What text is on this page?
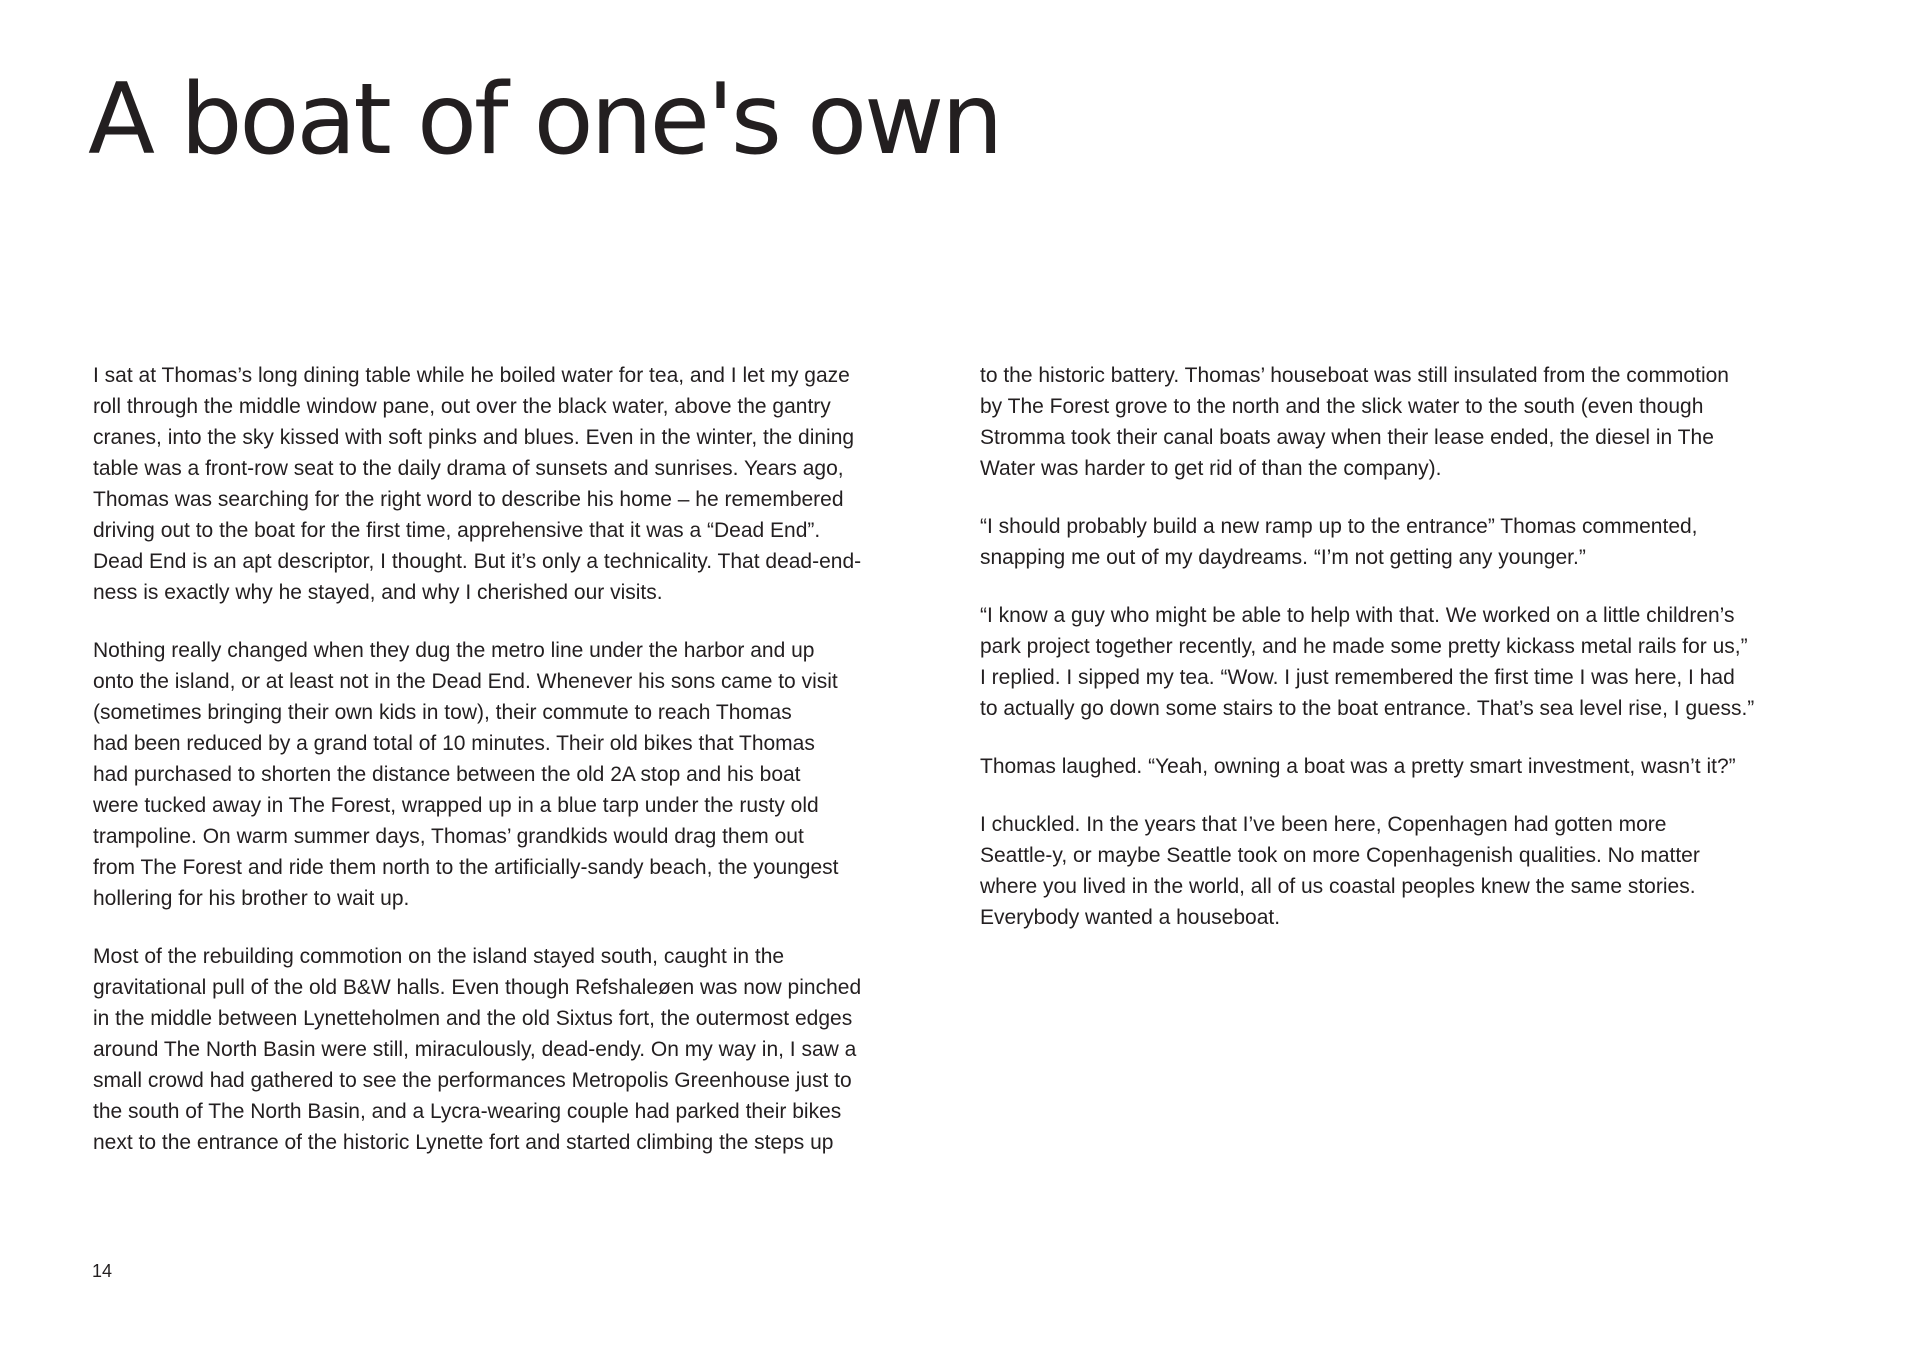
A boat of one's own

I sat at Thomas’s long dining table while he boiled water for tea, and I let my gaze
roll through the middle window pane, out over the black water, above the gantry
cranes, into the sky kissed with soft pinks and blues. Even in the winter, the dining
table was a front-row seat to the daily drama of sunsets and sunrises. Years ago,
Thomas was searching for the right word to describe his home – he remembered
driving out to the boat for the first time, apprehensive that it was a “Dead End”.
Dead End is an apt descriptor, I thought. But it’s only a technicality. That dead-end-
ness is exactly why he stayed, and why I cherished our visits.

Nothing really changed when they dug the metro line under the harbor and up
onto the island, or at least not in the Dead End. Whenever his sons came to visit
(sometimes bringing their own kids in tow), their commute to reach Thomas
had been reduced by a grand total of 10 minutes. Their old bikes that Thomas
had purchased to shorten the distance between the old 2A stop and his boat
were tucked away in The Forest, wrapped up in a blue tarp under the rusty old
trampoline. On warm summer days, Thomas’ grandkids would drag them out
from The Forest and ride them north to the artificially-sandy beach, the youngest
hollering for his brother to wait up.

Most of the rebuilding commotion on the island stayed south, caught in the
gravitational pull of the old B&W halls. Even though Refshaleøen was now pinched
in the middle between Lynetteholmen and the old Sixtus fort, the outermost edges
around The North Basin were still, miraculously, dead-endy. On my way in, I saw a
small crowd had gathered to see the performances Metropolis Greenhouse just to
the south of The North Basin, and a Lycra-wearing couple had parked their bikes
next to the entrance of the historic Lynette fort and started climbing the steps up

to the historic battery. Thomas’ houseboat was still insulated from the commotion
by The Forest grove to the north and the slick water to the south (even though
Stromma took their canal boats away when their lease ended, the diesel in The
Water was harder to get rid of than the company).

“I should probably build a new ramp up to the entrance” Thomas commented,
snapping me out of my daydreams. “I’m not getting any younger.”

“I know a guy who might be able to help with that. We worked on a little children’s
park project together recently, and he made some pretty kickass metal rails for us,”
I replied. I sipped my tea. “Wow. I just remembered the first time I was here, I had
to actually go down some stairs to the boat entrance. That’s sea level rise, I guess.”

Thomas laughed. “Yeah, owning a boat was a pretty smart investment, wasn’t it?”

I chuckled. In the years that I’ve been here, Copenhagen had gotten more
Seattle-y, or maybe Seattle took on more Copenhagenish qualities. No matter
where you lived in the world, all of us coastal peoples knew the same stories.
Everybody wanted a houseboat.

14
